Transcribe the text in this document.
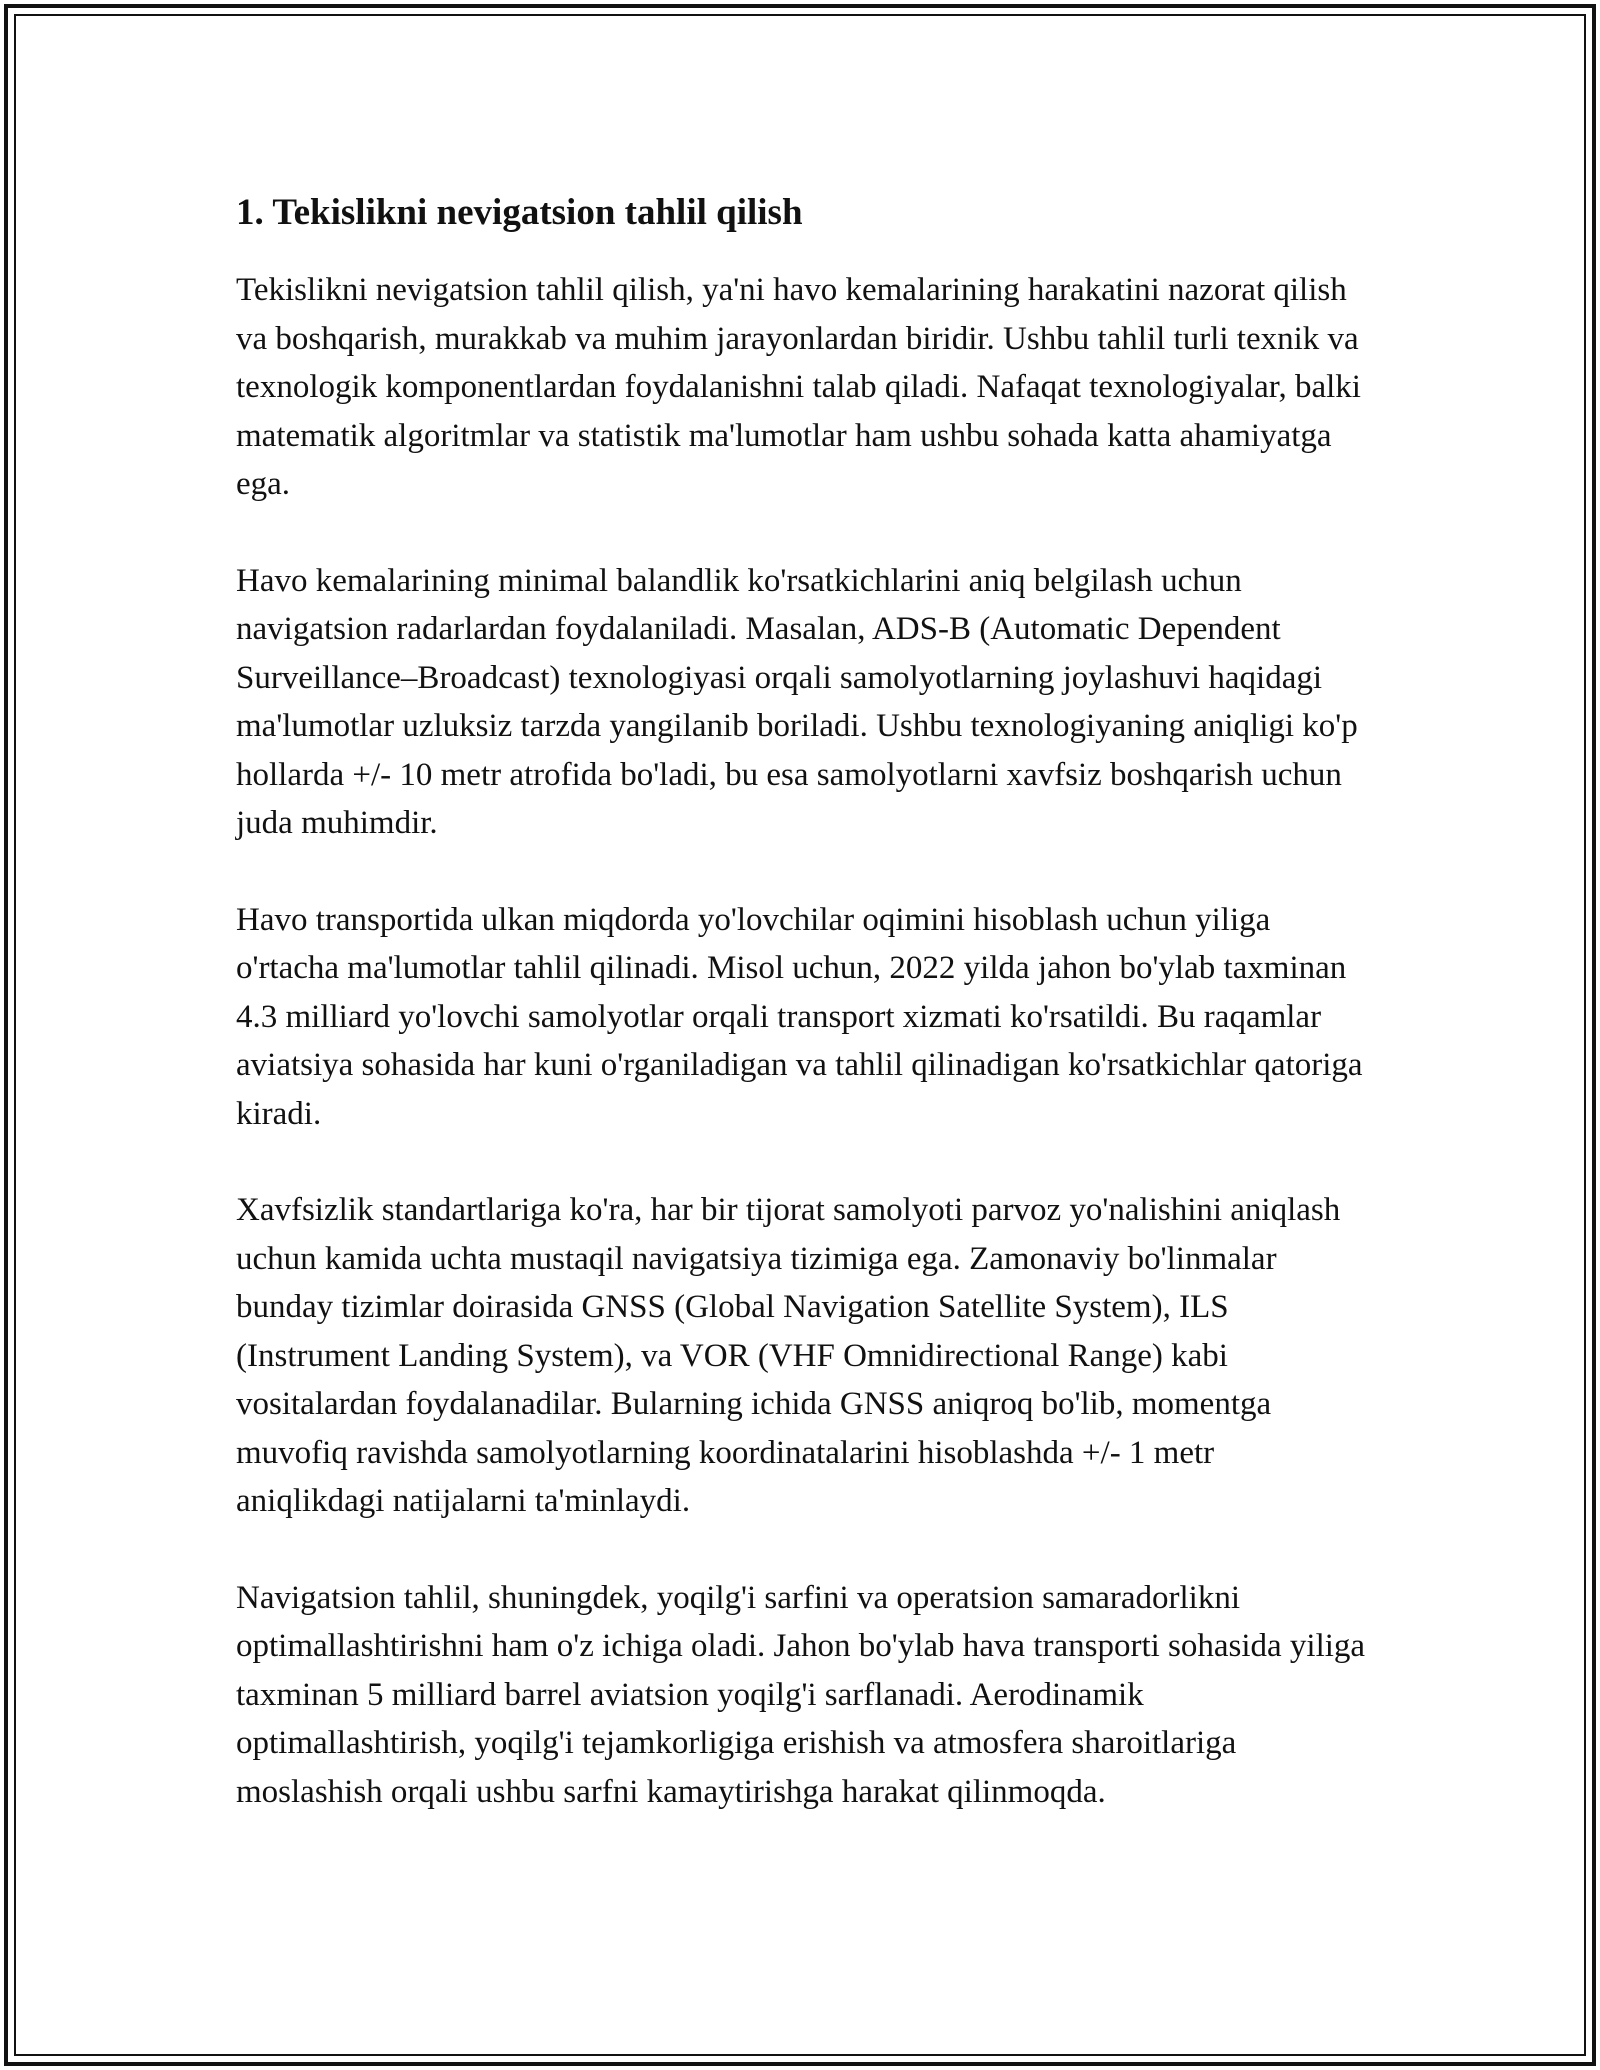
1. Tekislikni nevigatsion tahlil qilish

Tekislikni nevigatsion tahlil qilish, ya'ni havo kemalarining harakatini nazorat qilish va boshqarish, murakkab va muhim jarayonlardan biridir. Ushbu tahlil turli texnik va texnologik komponentlardan foydalanishni talab qiladi. Nafaqat texnologiyalar, balki matematik algoritmlar va statistik ma'lumotlar ham ushbu sohada katta ahamiyatga ega.

Havo kemalarining minimal balandlik ko'rsatkichlarini aniq belgilash uchun navigatsion radarlardan foydalaniladi. Masalan, ADS-B (Automatic Dependent Surveillance–Broadcast) texnologiyasi orqali samolyotlarning joylashuvi haqidagi ma'lumotlar uzluksiz tarzda yangilanib boriladi. Ushbu texnologiyaning aniqligi ko'p hollarda +/- 10 metr atrofida bo'ladi, bu esa samolyotlarni xavfsiz boshqarish uchun juda muhimdir.

Havo transportida ulkan miqdorda yo'lovchilar oqimini hisoblash uchun yiliga o'rtacha ma'lumotlar tahlil qilinadi. Misol uchun, 2022 yilda jahon bo'ylab taxminan 4.3 milliard yo'lovchi samolyotlar orqali transport xizmati ko'rsatildi. Bu raqamlar aviatsiya sohasida har kuni o'rganiladigan va tahlil qilinadigan ko'rsatkichlar qatoriga kiradi.

Xavfsizlik standartlariga ko'ra, har bir tijorat samolyoti parvoz yo'nalishini aniqlash uchun kamida uchta mustaqil navigatsiya tizimiga ega. Zamonaviy bo'linmalar bunday tizimlar doirasida GNSS (Global Navigation Satellite System), ILS (Instrument Landing System), va VOR (VHF Omnidirectional Range) kabi vositalardan foydalanadilar. Bularning ichida GNSS aniqroq bo'lib, momentga muvofiq ravishda samolyotlarning koordinatalarini hisoblashda +/- 1 metr aniqlikdagi natijalarni ta'minlaydi.

Navigatsion tahlil, shuningdek, yoqilg'i sarfini va operatsion samaradorlikni optimallashtirishni ham o'z ichiga oladi. Jahon bo'ylab hava transporti sohasida yiliga taxminan 5 milliard barrel aviatsion yoqilg'i sarflanadi. Aerodinamik optimallashtirish, yoqilg'i tejamkorligiga erishish va atmosfera sharoitlariga moslashish orqali ushbu sarfni kamaytirishga harakat qilinmoqda.
